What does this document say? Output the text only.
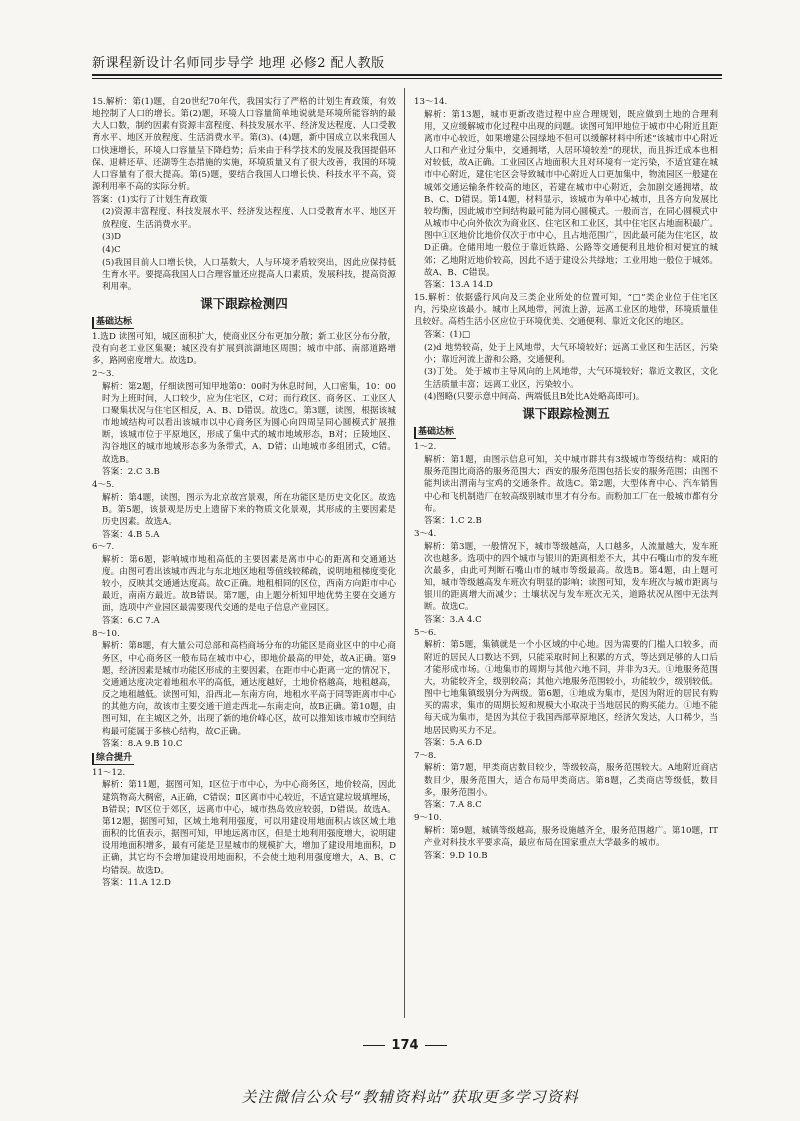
新课程新设计名师同步导学 地理 必修2 配人教版
15.解析：第(1)题，自20世纪70年代，我国实行了严格的计划生育政策，有效地控制了人口的增长。第(2)题，环境人口容量简单地说就是环境所能容纳的最大人口数，制约因素有资源丰富程度、科技发展水平、经济发达程度、人口受教育水平、地区开放程度、生活消费水平。第(3)、(4)题，新中国成立以来我国人口快速增长，环境人口容量呈下降趋势；后来由于科学技术的发展及我国提倡环保、退耕还草、还湖等生态措施的实施，环境质量又有了很大改善，我国的环境人口容量有了很大提高。第(5)题，要结合我国人口增长快、科技水平不高，资源利用率不高的实际分析。
答案：(1)实行了计划生育政策
(2)资源丰富程度、科技发展水平、经济发达程度、人口受教育水平、地区开放程度、生活消费水平。
(3)D
(4)C
(5)我国目前人口增长快，人口基数大，人与环境矛盾较突出，因此应保持低生育水平。要提高我国人口合理容量还应提高人口素质，发展科技，提高资源利用率。
课下跟踪检测四
基础达标
1.选D 读图可知，城区面积扩大，使商业区分布更加分散；新工业区分布分散，没有向老工业区集聚；城区没有扩展到滨湖地区周围；城市中部、南部道路增多，路网密度增大。故选D。
2～3.
解析：第2题，仔细读图可知甲地第0：00时为休息时间，人口密集，10：00时为上班时间，人口较少，应为住宅区，C对；而行政区、商务区、工业区人口聚集状况与住宅区相反，A、B、D错误。故选C。第3题，读图，根据该城市地域结构可以看出该城市以中心商务区为圆心向四周呈同心圆模式扩展推断，该城市位于平原地区，形成了集中式的城市地域形态，B对；丘陵地区、沟谷地区的城市地域形态多为条带式，A、D错；山地城市多组团式，C错。故选B。
答案：2.C 3.B
4～5.
解析：第4题，读图，图示为北京故宫景观，所在功能区是历史文化区。故选B。第5题，该景观是历史上遗留下来的物质文化景观，其形成的主要因素是历史因素。故选A。
答案：4.B 5.A
6～7.
解析：第6题，影响城市地租高低的主要因素是离市中心的距离和交通通达度。由图可看出该城市西北与东北地区地租等值线较稀疏，说明地租梯度变化较小，反映其交通通达度高。故C正确。地租相同的区位，西南方向距市中心最近，南南方最近。故B错误。第7题，由上题分析知甲地优势主要在交通方面，选项中产业园区最需要现代交通的是电子信息产业园区。
答案：6.C 7.A
8～10.
解析：第8题，有大量公司总部和高档商场分布的功能区是商业区中的中心商务区，中心商务区一般布局在城市中心，即地价最高的甲处，故A正确。第9题，经济因素是城市功能区形成的主要因素，在距市中心距离一定的情况下，交通通达度决定着地租水平的高低，通达度越好，土地价格越高，地租越高，反之地租越低。读图可知，沿西北—东南方向，地租水平高于同等距离市中心的其他方向，故该市主要交通干道走西北—东南走向，故B正确。第10题，由图可知，在主城区之外，出现了新的地价峰心区，故可以推知该市城市空间结构最可能属于多核心结构，故C正确。
答案：8.A 9.B 10.C
综合提升
11～12.
解析：第11题，据图可知，Ⅰ区位于市中心，为中心商务区，地价较高，因此建筑物高大稠密，A正确，C错误；Ⅱ区离市中心较近，不适宜建垃圾填埋场，B错误；Ⅳ区位于郊区，远离市中心，城市热岛效应较弱，D错误。故选A。第12题，据图可知，区域土地利用强度，可以用建设用地面积占该区域土地面积的比值表示，据图可知，甲地远离市区，但是土地利用强度增大，说明建设用地面积增多，最有可能是卫星城市的规模扩大，增加了建设用地面积，D正确，其它均不会增加建设用地面积，不会使土地利用强度增大，A、B、C均错误。故选D。
答案：11.A 12.D
13～14.
解析：第13题，城市更新改造过程中应合理规划，既应做到土地的合理利用，又应缓解城市化过程中出现的问题。读图可知甲地位于城市中心附近且距离市中心较近，如果增建公园绿地不但可以缓解材料中所述“该城市中心附近人口和产业过分集中，交通拥堵，人居环境较差”的现状，而且拆迁成本也相对较低，故A正确。工业园区占地面积大且对环境有一定污染，不适宜建在城市中心附近，建住宅区会导致城市中心附近人口更加集中，物流园区一般建在城郊交通运输条件较高的地区，若建在城市中心附近，会加剧交通拥堵，故B、C、D错误。第14题，材料显示，该城市为单中心城市，且各方向发展比较均衡，因此城市空间结构最可能为同心圆模式。一般而言，在同心圆模式中从城市中心向外依次为商业区、住宅区和工业区，其中住宅区占地面积最广。图中①区地价比地价仅次于市中心，且占地范围广，因此最可能为住宅区，故D正确。仓储用地一般位于靠近铁路、公路等交通便利且地价相对便宜的城郊；乙地附近地价较高，因此不适于建设公共绿地；工业用地一般位于城郊。故A、B、C错误。
答案：13.A 14.D
15.解析：依据盛行风向及三类企业所处的位置可知，“□”类企业位于住宅区内，污染应该最小。城市上风地带，河流上游，远离工业区的地带，环境质量佳且较好。高档生活小区应位于环境优美、交通便利、靠近文化区的地区。
答案：(1)□
(2)d 地势较高，处于上风地带，大气环境较好；远离工业区和生活区，污染小；靠近河流上游和公路，交通便利。
(3)丁处。 处于城市主导风向的上风地带，大气环境较好；靠近文教区，文化生活质量丰富；远离工业区，污染较小。
(4)图略(只要示意中间高、两端低且B处比A处略高即可)。
课下跟踪检测五
基础达标
1～2.
解析：第1题，由图示信息可知，关中城市群共有3级城市等级结构：咸阳的服务范围比商洛的服务范围大；西安的服务范围包括长安的服务范围；由图不能判读出渭南与宝鸡的交通条件。故选C。第2题，大型体育中心、汽车销售中心和飞机制造厂在较高级别城市里才有分布。而粉加工厂在一般城市都有分布。
答案：1.C 2.B
3～4.
解析：第3题，一般情况下，城市等级越高，人口越多，人流量越大，发车班次也越多。选项中的四个城市与银川的距离相差不大，其中石嘴山市的发车班次最多，由此可判断石嘴山市的城市等级最高。故选B。第4题，由上题可知，城市等级越高发车班次有明显的影响；读图可知，发车班次与城市距离与银川的距离增大而减少；土壤状况与发车班次无关，道路状况从图中无法判断。故选C。
答案：3.A 4.C
5～6.
解析：第5题，集镇就是一个小区域的中心地。因为需要的门槛人口较多，而附近的居民人口数达不到，只能采取时间上积累的方式，等达到足够的人口后才能形成市场。①地集市的周期与其他六地不同，并非为3天。①地服务范围大，功能较齐全，级别较高；其他六地服务范围较小，功能较少，级别较低。图中七地集镇级别分为两级。第6题，①地成为集市，是因为附近的居民有购买的需求，集市的周期长短和规模大小取决于当地居民的购买能力。①地不能每天成为集市，是因为其位于我国西部草原地区，经济欠发达，人口稀少，当地居民购买力不足。
答案：5.A 6.D
7～8.
解析：第7题，甲类商店数目较少，等级较高，服务范围较大。A地附近商店数目少，服务范围大，适合布局甲类商店。第8题，乙类商店等级低，数目多，服务范围小。
答案：7.A 8.C
9～10.
解析：第9题，城镇等级越高，服务设施越齐全，服务范围越广。第10题，IT产业对科技水平要求高，最应布局在国家重点大学最多的城市。
答案：9.D 10.B
174
关注微信公众号“教辅资料站”获取更多学习资料
